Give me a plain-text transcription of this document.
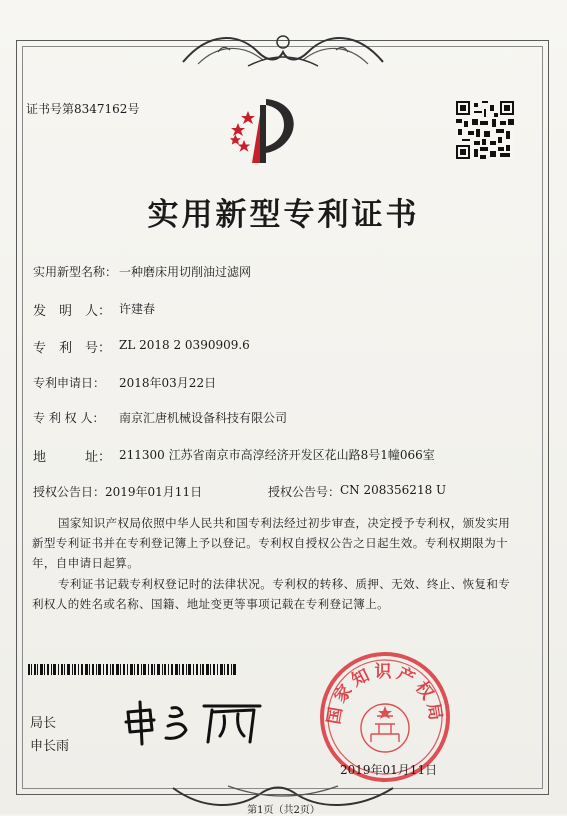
证书号第8347162号
实用新型专利证书
实用新型名称： 一种磨床用切削油过滤网
发　明　人： 许建春
专　利　号： ZL 2018 2 0390909.6
专利申请日： 2018年03月22日
专 利 权 人： 南京汇唐机械设备科技有限公司
地　　　址： 211300 江苏省南京市高淳经济开发区花山路8号1幢066室
授权公告日： 2019年01月11日	授权公告号： CN 208356218 U
国家知识产权局依照中华人民共和国专利法经过初步审查，决定授予专利权，颁发实用
新型专利证书并在专利登记簿上予以登记。专利权自授权公告之日起生效。专利权期限为十
年，自申请日起算。
专利证书记载专利权登记时的法律状况。专利权的转移、质押、无效、终止、恢复和专
利权人的姓名或名称、国籍、地址变更等事项记载在专利登记簿上。
局长
申长雨
国家知识产权局
2019年01月11日
第1页（共2页）
